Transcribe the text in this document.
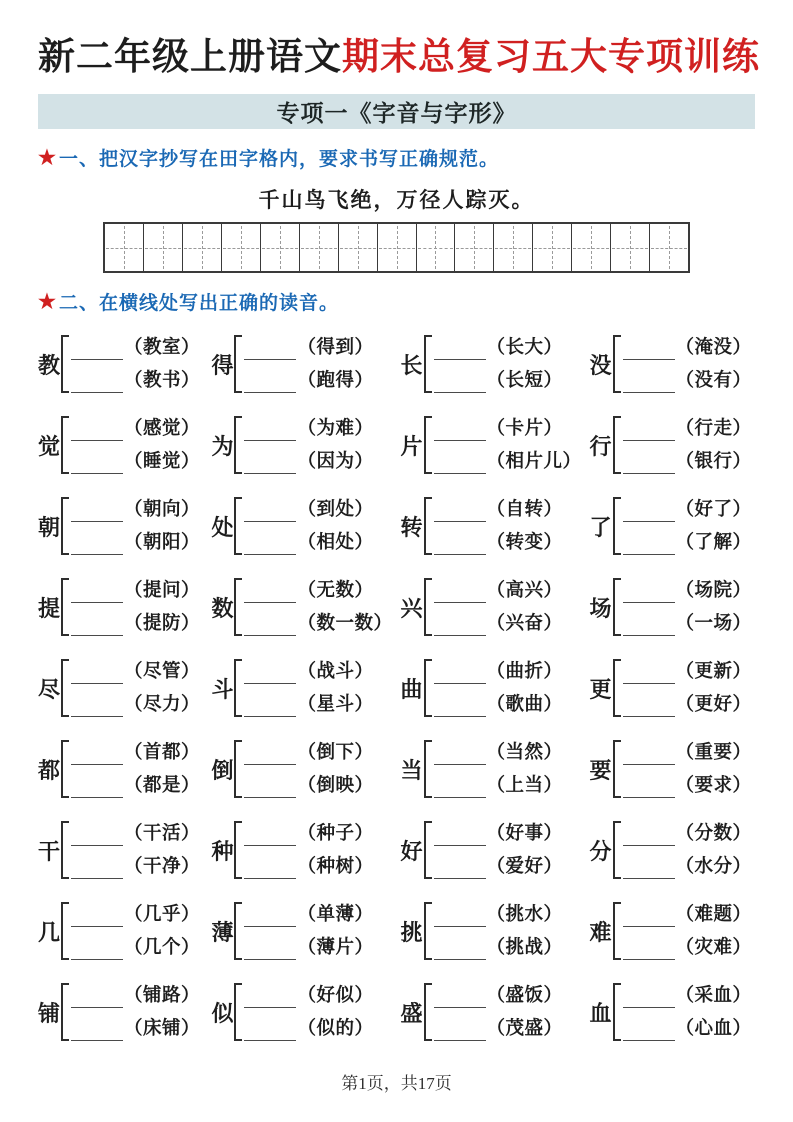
新二年级上册语文期末总复习五大专项训练
专项一《字音与字形》
★ 一、把汉字抄写在田字格内，要求书写正确规范。
千山鸟飞绝，万径人踪灭。
★ 二、在横线处写出正确的读音。
教
（教室）
（教书）
得
（得到）
（跑得）
长
（长大）
（长短）
没
（淹没）
（没有）
觉
（感觉）
（睡觉）
为
（为难）
（因为）
片
（卡片）
（相片儿）
行
（行走）
（银行）
朝
（朝向）
（朝阳）
处
（到处）
（相处）
转
（自转）
（转变）
了
（好了）
（了解）
提
（提问）
（提防）
数
（无数）
（数一数）
兴
（高兴）
（兴奋）
场
（场院）
（一场）
尽
（尽管）
（尽力）
斗
（战斗）
（星斗）
曲
（曲折）
（歌曲）
更
（更新）
（更好）
都
（首都）
（都是）
倒
（倒下）
（倒映）
当
（当然）
（上当）
要
（重要）
（要求）
干
（干活）
（干净）
种
（种子）
（种树）
好
（好事）
（爱好）
分
（分数）
（水分）
几
（几乎）
（几个）
薄
（单薄）
（薄片）
挑
（挑水）
（挑战）
难
（难题）
（灾难）
铺
（铺路）
（床铺）
似
（好似）
（似的）
盛
（盛饭）
（茂盛）
血
（采血）
（心血）
第1页，共17页
